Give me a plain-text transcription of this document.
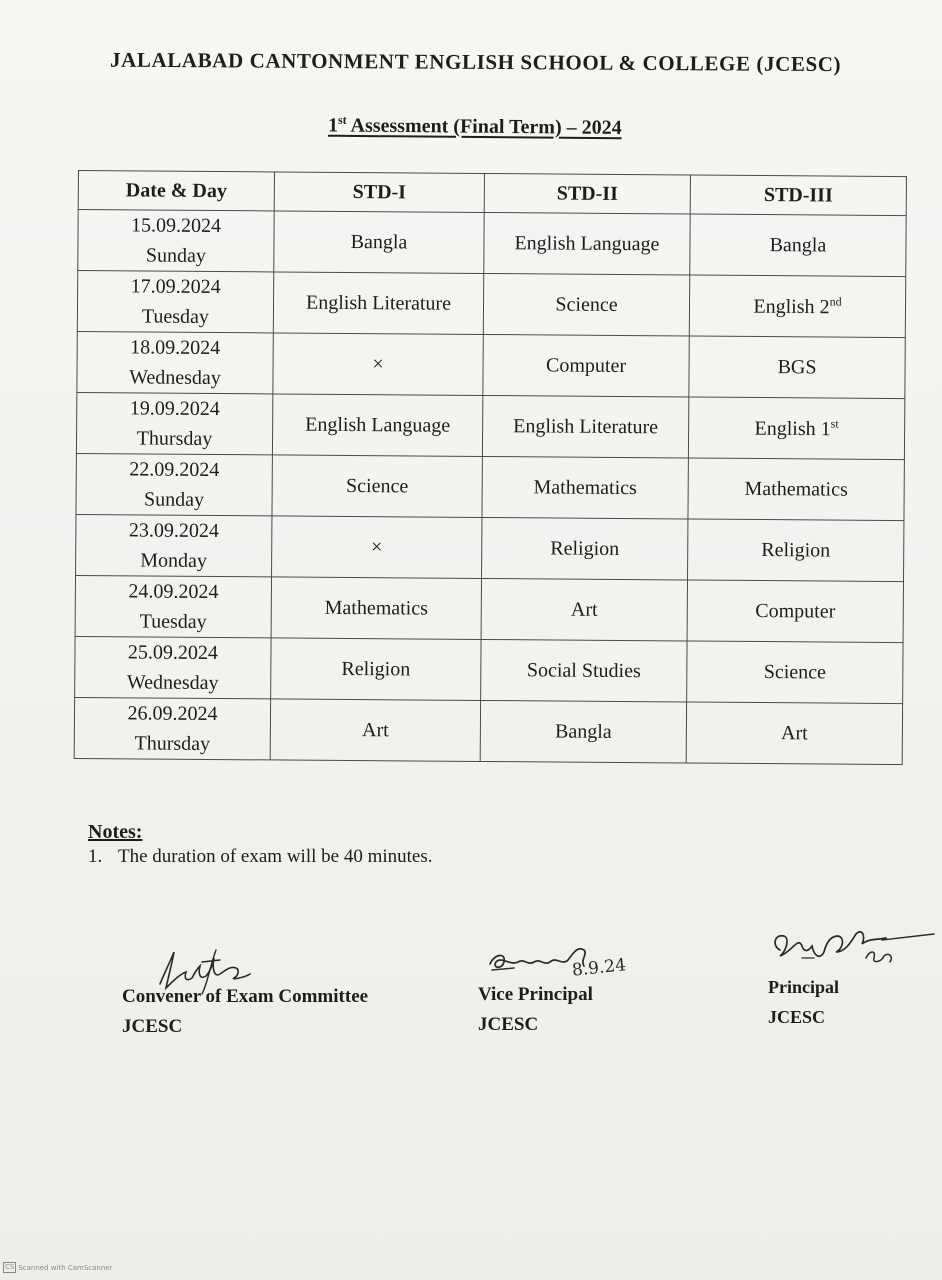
JALALABAD CANTONMENT ENGLISH SCHOOL & COLLEGE (JCESC)
1st Assessment (Final Term) – 2024
Date & Day	STD-I	STD-II	STD-III

15.09.2024
Sunday	Bangla	English Language	Bangla

17.09.2024
Tuesday	English Literature	Science	English 2nd

18.09.2024
Wednesday	×	Computer	BGS

19.09.2024
Thursday	English Language	English Literature	English 1st

22.09.2024
Sunday	Science	Mathematics	Mathematics

23.09.2024
Monday	×	Religion	Religion

24.09.2024
Tuesday	Mathematics	Art	Computer

25.09.2024
Wednesday	Religion	Social Studies	Science

26.09.2024
Thursday	Art	Bangla	Art
Notes:
1. The duration of exam will be 40 minutes.
Convener of Exam Committee
JCESC
8.9.24
Vice Principal
JCESC
Principal
JCESC
CS Scanned with CamScanner
